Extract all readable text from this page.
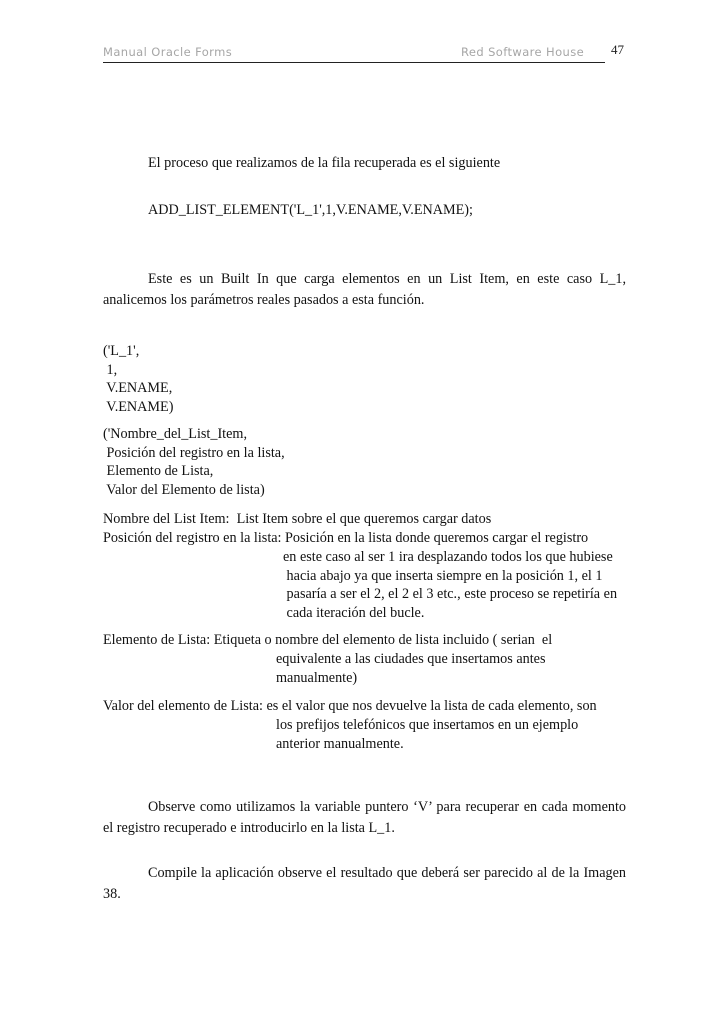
Manual Oracle Forms	Red Software House 47
El proceso que realizamos de la fila recuperada es el siguiente
ADD_LIST_ELEMENT('L_1',1,V.ENAME,V.ENAME);
Este es un Built In que carga elementos en un List Item, en este caso L_1, analicemos los parámetros reales pasados a esta función.
('L_1',
1,
V.ENAME,
V.ENAME)
('Nombre_del_List_Item,
Posición del registro en la lista,
Elemento de Lista,
Valor del Elemento de lista)
Nombre del List Item: List Item sobre el que queremos cargar datos
Posición del registro en la lista: Posición en la lista donde queremos cargar el registro
en este caso al ser 1 ira desplazando todos los que hubiese
hacia abajo ya que inserta siempre en la posición 1, el 1
pasaría a ser el 2, el 2 el 3 etc., este proceso se repetiría en
cada iteración del bucle.
Elemento de Lista: Etiqueta o nombre del elemento de lista incluido ( serian  el
equivalente a las ciudades que insertamos antes
manualmente)
Valor del elemento de Lista: es el valor que nos devuelve la lista de cada elemento, son
los prefijos telefónicos que insertamos en un ejemplo
anterior manualmente.
Observe como utilizamos la variable puntero ‘V’ para recuperar en cada momento el registro recuperado e introducirlo en la lista L_1.
Compile la aplicación observe el resultado que deberá ser parecido al de la Imagen 38.
